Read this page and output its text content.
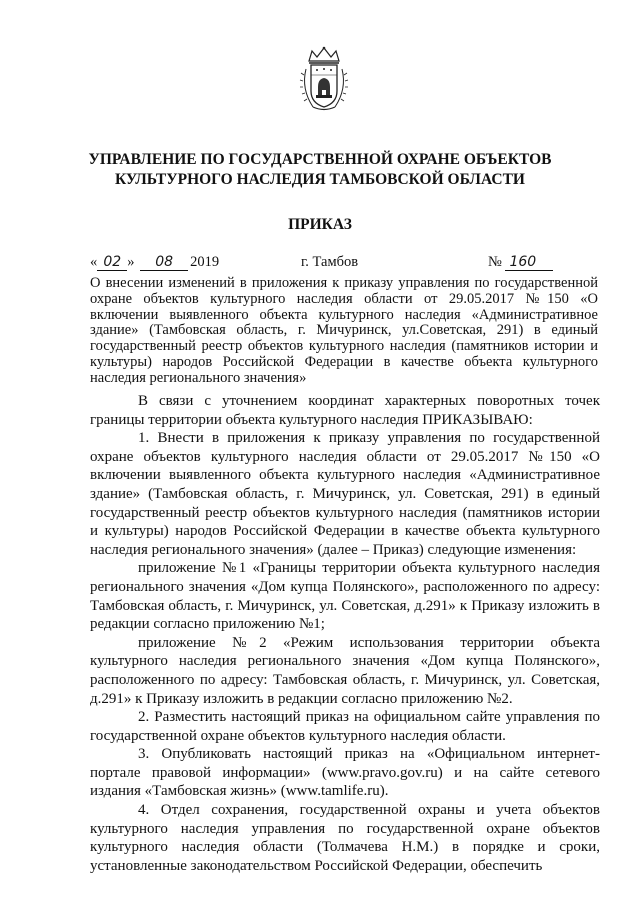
УПРАВЛЕНИЕ ПО ГОСУДАРСТВЕННОЙ ОХРАНЕ ОБЪЕКТОВ
КУЛЬТУРНОГО НАСЛЕДИЯ ТАМБОВСКОЙ ОБЛАСТИ
ПРИКАЗ
« 02 » 08 2019	г. Тамбов	№ 160
О внесении изменений в приложения к приказу управления по государственной охране объектов культурного наследия области от 29.05.2017 №150 «О включении выявленного объекта культурного наследия «Административное здание» (Тамбовская область, г. Мичуринск, ул.Советская, 291) в единый государственный реестр объектов культурного наследия (памятников истории и культуры) народов Российской Федерации в качестве объекта культурного наследия регионального значения»

В связи с уточнением координат характерных поворотных точек границы территории объекта культурного наследия ПРИКАЗЫВАЮ:

1. Внести в приложения к приказу управления по государственной охране объектов культурного наследия области от 29.05.2017 №150 «О включении выявленного объекта культурного наследия «Административное здание» (Тамбовская область, г. Мичуринск, ул. Советская, 291) в единый государственный реестр объектов культурного наследия (памятников истории и культуры) народов Российской Федерации в качестве объекта культурного наследия регионального значения» (далее – Приказ) следующие изменения:

приложение №1 «Границы территории объекта культурного наследия регионального значения «Дом купца Полянского», расположенного по адресу: Тамбовская область, г. Мичуринск, ул. Советская, д.291» к Приказу изложить в редакции согласно приложению №1;

приложение №2 «Режим использования территории объекта культурного наследия регионального значения «Дом купца Полянского», расположенного по адресу: Тамбовская область, г. Мичуринск, ул. Советская, д.291» к Приказу изложить в редакции согласно приложению №2.

2. Разместить настоящий приказ на официальном сайте управления по государственной охране объектов культурного наследия области.

3. Опубликовать настоящий приказ на «Официальном интернет-портале правовой информации» (www.pravo.gov.ru) и на сайте сетевого издания «Тамбовская жизнь» (www.tamlife.ru).

4. Отдел сохранения, государственной охраны и учета объектов культурного наследия управления по государственной охране объектов культурного наследия области (Толмачева Н.М.) в порядке и сроки, установленные законодательством Российской Федерации, обеспечить
